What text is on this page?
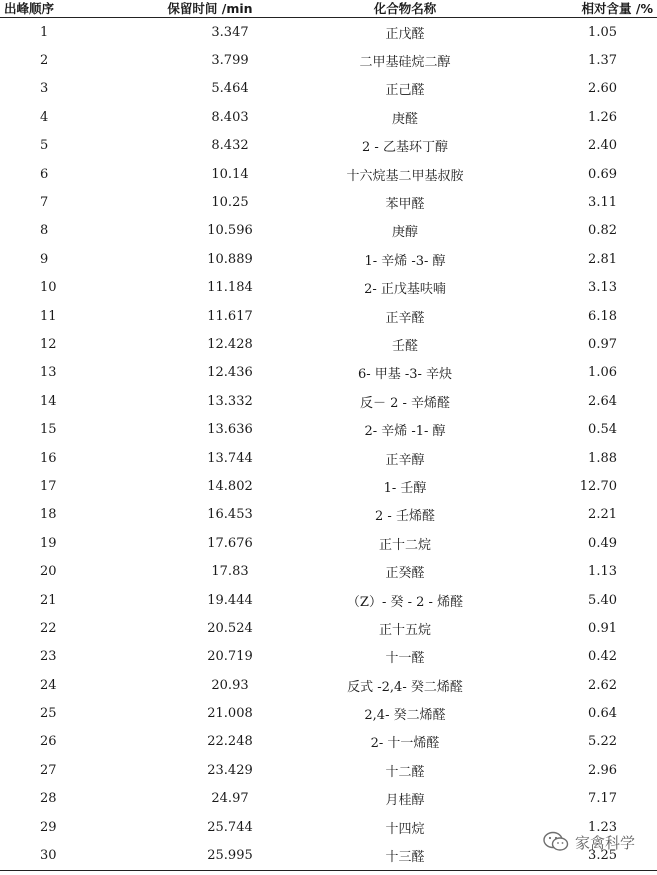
出峰顺序	保留时间 /min	化合物名称	相对含量 /%
1	3.347	正戊醛	1.05
2	3.799	二甲基硅烷二醇	1.37
3	5.464	正己醛	2.60
4	8.403	庚醛	1.26
5	8.432	2 - 乙基环丁醇	2.40
6	10.14	十六烷基二甲基叔胺	0.69
7	10.25	苯甲醛	3.11
8	10.596	庚醇	0.82
9	10.889	1- 辛烯 -3- 醇	2.81
10	11.184	2- 正戊基呋喃	3.13
11	11.617	正辛醛	6.18
12	12.428	壬醛	0.97
13	12.436	6- 甲基 -3- 辛炔	1.06
14	13.332	反－ 2 - 辛烯醛	2.64
15	13.636	2- 辛烯 -1- 醇	0.54
16	13.744	正辛醇	1.88
17	14.802	1- 壬醇	12.70
18	16.453	2 - 壬烯醛	2.21
19	17.676	正十二烷	0.49
20	17.83	正癸醛	1.13
21	19.444	（Z）- 癸 - 2 - 烯醛	5.40
22	20.524	正十五烷	0.91
23	20.719	十一醛	0.42
24	20.93	反式 -2,4- 癸二烯醛	2.62
25	21.008	2,4- 癸二烯醛	0.64
26	22.248	2- 十一烯醛	5.22
27	23.429	十二醛	2.96
28	24.97	月桂醇	7.17
29	25.744	十四烷	1.23
30	25.995	十三醛	3.25
家禽科学
